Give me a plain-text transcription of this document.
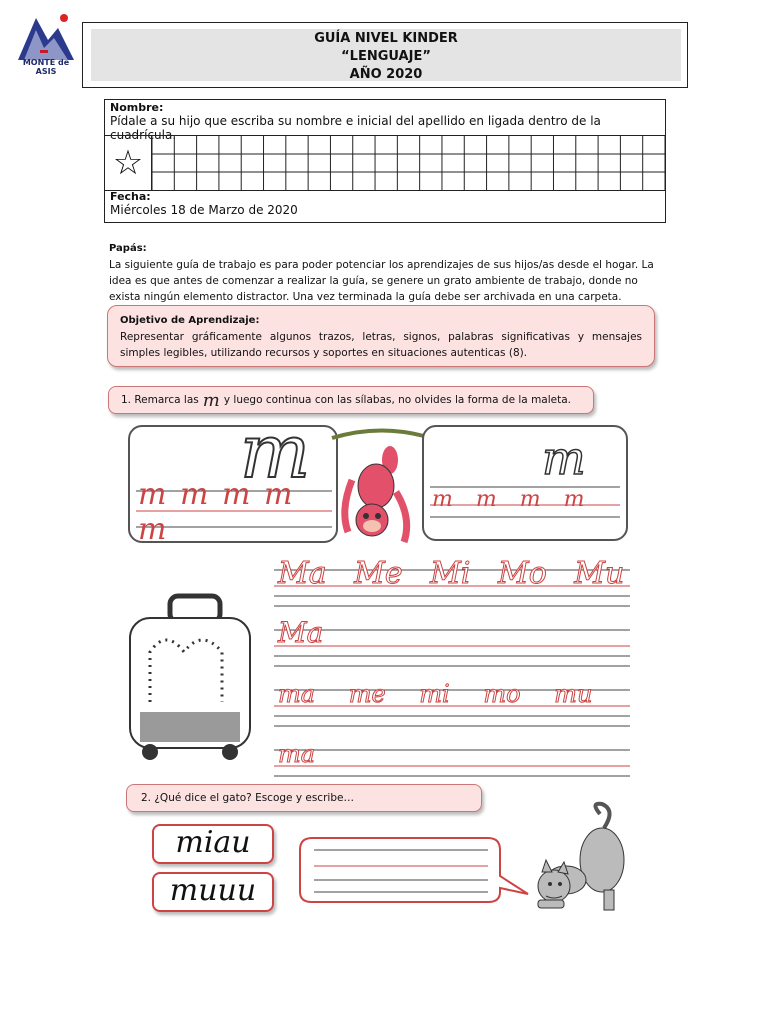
MONTE de ASIS
GUÍA NIVEL KINDER
“LENGUAJE”
AÑO 2020
Nombre:
Pídale a su hijo que escriba su nombre e inicial del apellido en ligada dentro de la cuadrícula.
☆
Fecha:
Miércoles 18 de Marzo de 2020
Papás:
La siguiente guía de trabajo es para poder potenciar los aprendizajes de sus hijos/as desde el hogar. La idea es que antes de comenzar a realizar la guía, se genere un grato ambiente de trabajo, donde no exista ningún elemento distractor. Una vez terminada la guía debe ser archivada en una carpeta.
Objetivo de Aprendizaje:
Representar gráficamente algunos trazos, letras, signos, palabras significativas y mensajes simples legibles, utilizando recursos y soportes en situaciones autenticas (8).
1. Remarca las m y luego continua con las sílabas, no olvides la forma de la maleta.
m
m m m m m
m
m m m m
Ma Me Mi Mo Mu
Ma
ma me mi mo mu
ma
2. ¿Qué dice el gato? Escoge y escribe…
miau
muuu
